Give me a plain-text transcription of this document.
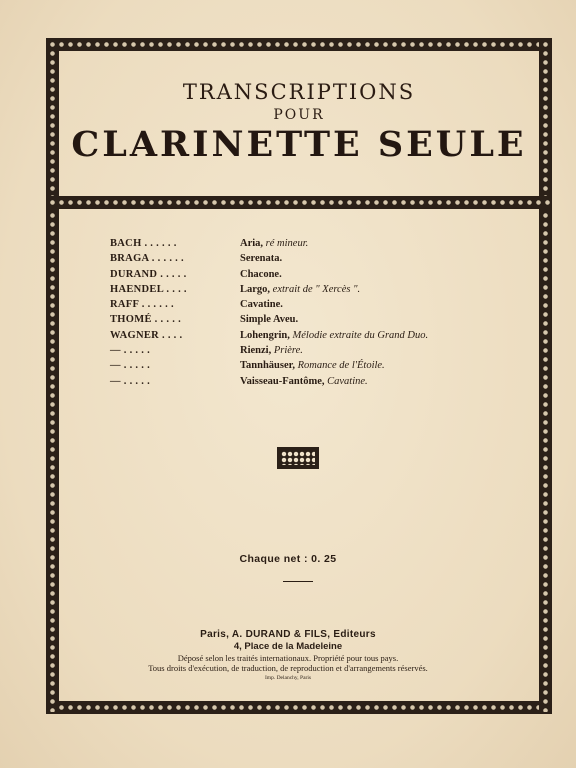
TRANSCRIPTIONS
POUR
CLARINETTE SEULE
BACH . . . . . .	Aria, ré mineur.
BRAGA . . . . . .	Serenata.
DURAND . . . . .	Chacone.
HAENDEL . . . .	Largo, extrait de " Xercès ".
RAFF . . . . . .	Cavatine.
THOMÉ . . . . .	Simple Aveu.
WAGNER . . . .	Lohengrin, Mélodie extraite du Grand Duo.
— . . . . .	Rienzi, Prière.
— . . . . .	Tannhäuser, Romance de l'Étoile.
— . . . . .	Vaisseau-Fantôme, Cavatine.
Chaque net : 0. 25
Paris, A. DURAND & FILS, Editeurs
4, Place de la Madeleine
Déposé selon les traités internationaux. Propriété pour tous pays.
Tous droits d'exécution, de traduction, de reproduction et d'arrangements réservés.
Imp. Delanchy, Paris
